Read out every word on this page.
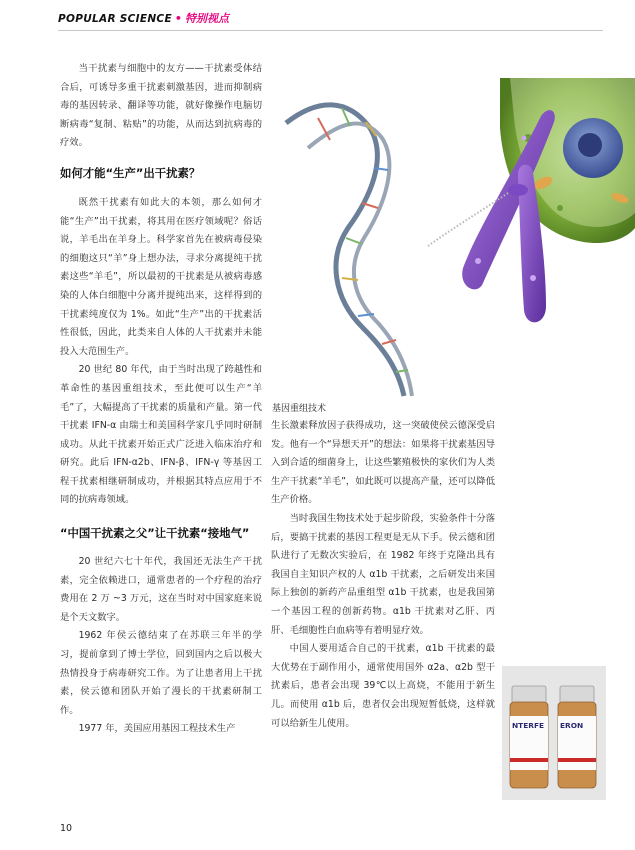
POPULAR SCIENCE • 特别视点

当干扰素与细胞中的友方——干扰素受体结合后，可诱导多重干扰素刺激基因，进而抑制病毒的基因转录、翻译等功能，就好像操作电脑切断病毒“复制、粘贴”的功能，从而达到抗病毒的疗效。

如何才能“生产”出干扰素？

既然干扰素有如此大的本领，那么如何才能“生产”出干扰素，将其用在医疗领域呢？俗话说，羊毛出在羊身上。科学家首先在被病毒侵染的细胞这只“羊”身上想办法，寻求分离提纯干扰素这些“羊毛”，所以最初的干扰素是从被病毒感染的人体白细胞中分离并提纯出来，这样得到的干扰素纯度仅为 1%。如此“生产”出的干扰素活性很低，因此，此类来自人体的人干扰素并未能投入大范围生产。

20 世纪 80 年代，由于当时出现了跨越性和革命性的基因重组技术，至此便可以生产“羊毛”了，大幅提高了干扰素的质量和产量。第一代干扰素 IFN-α 由瑞士和美国科学家几乎同时研制成功。从此干扰素开始正式广泛进入临床治疗和研究。此后 IFN-α2b、IFN-β、IFN-γ 等基因工程干扰素相继研制成功，并根据其特点应用于不同的抗病毒领域。

“中国干扰素之父”让干扰素“接地气”

20 世纪六七十年代，我国还无法生产干扰素，完全依赖进口，通常患者的一个疗程的治疗费用在 2 万 ~3 万元，这在当时对中国家庭来说是个天文数字。

1962 年侯云德结束了在苏联三年半的学习，提前拿到了博士学位，回到国内之后以极大热情投身于病毒研究工作。为了让患者用上干扰素，侯云德和团队开始了漫长的干扰素研制工作。

1977 年，美国应用基因工程技术生产

基因重组技术

生长激素释放因子获得成功，这一突破使侯云德深受启发。他有一个“异想天开”的想法：如果将干扰素基因导入到合适的细菌身上，让这些繁殖极快的家伙们为人类生产干扰素“羊毛”，如此既可以提高产量，还可以降低生产价格。

当时我国生物技术处于起步阶段，实验条件十分落后，要搞干扰素的基因工程更是无从下手。侯云德和团队进行了无数次实验后，在 1982 年终于克隆出具有我国自主知识产权的人 α1b 干扰素，之后研发出来国际上独创的新药产品重组型 α1b 干扰素，也是我国第一个基因工程的创新药物。α1b 干扰素对乙肝、丙肝、毛细胞性白血病等有着明显疗效。

中国人要用适合自己的干扰素，α1b 干扰素的最大优势在于副作用小，通常使用国外 α2a、α2b 型干扰素后，患者会出现 39℃以上高烧，不能用于新生儿。而使用 α1b 后，患者仅会出现短暂低烧，这样就可以给新生儿使用。	NTERFE ERON
10
